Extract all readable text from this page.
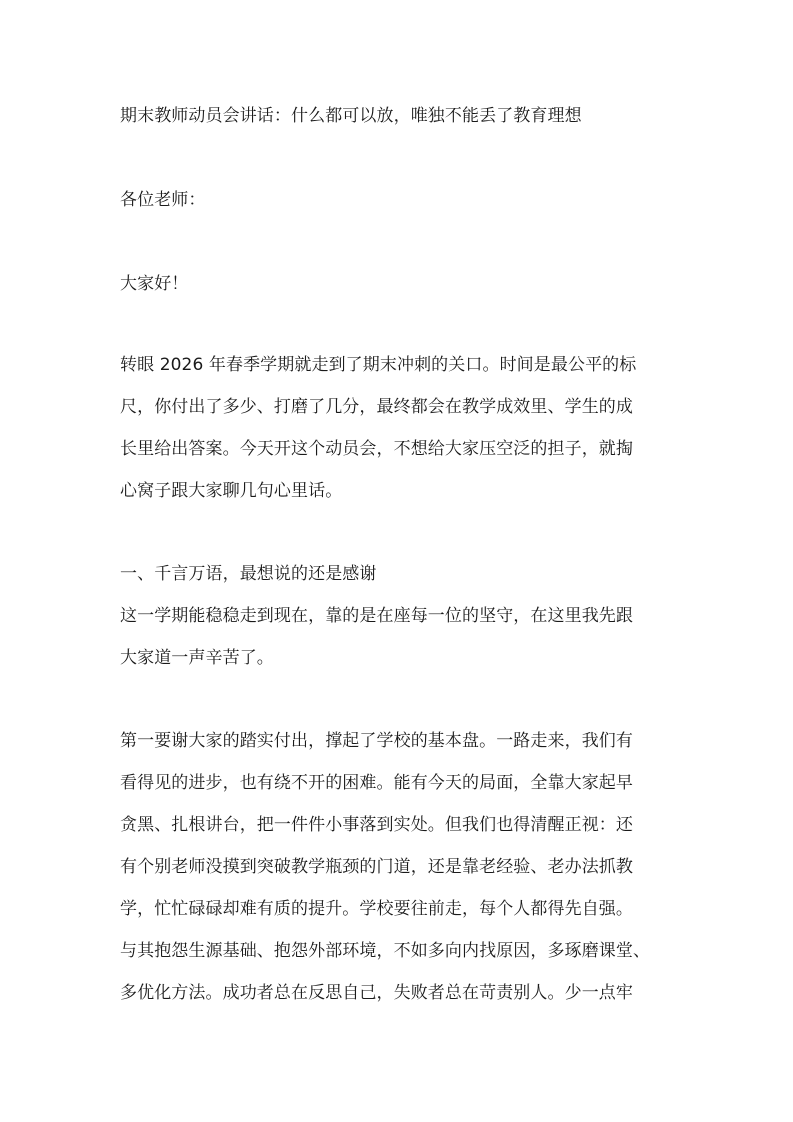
期末教师动员会讲话：什么都可以放，唯独不能丢了教育理想
各位老师：
大家好！
转眼 2026 年春季学期就走到了期末冲刺的关口。时间是最公平的标
尺，你付出了多少、打磨了几分，最终都会在教学成效里、学生的成
长里给出答案。今天开这个动员会，不想给大家压空泛的担子，就掏
心窝子跟大家聊几句心里话。
一、千言万语，最想说的还是感谢
这一学期能稳稳走到现在，靠的是在座每一位的坚守，在这里我先跟
大家道一声辛苦了。
第一要谢大家的踏实付出，撑起了学校的基本盘。一路走来，我们有
看得见的进步，也有绕不开的困难。能有今天的局面，全靠大家起早
贪黑、扎根讲台，把一件件小事落到实处。但我们也得清醒正视：还
有个别老师没摸到突破教学瓶颈的门道，还是靠老经验、老办法抓教
学，忙忙碌碌却难有质的提升。学校要往前走，每个人都得先自强。
与其抱怨生源基础、抱怨外部环境，不如多向内找原因，多琢磨课堂、
多优化方法。成功者总在反思自己，失败者总在苛责别人。少一点牢
